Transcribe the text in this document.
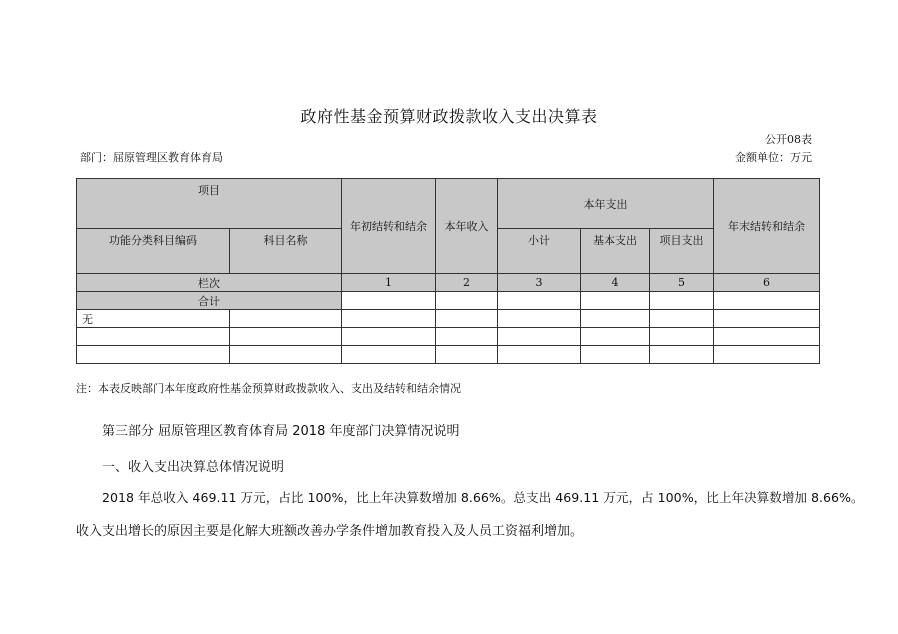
政府性基金预算财政拨款收入支出决算表
公开08表
部门：屈原管理区教育体育局	金额单位：万元
项目		年初结转和结余	本年收入	本年支出			年末结转和结余
功能分类科目编码	科目名称			小计	基本支出	项目支出	
栏次		1	2	3	4	5	6
合计							
无							

注：本表反映部门本年度政府性基金预算财政拨款收入、支出及结转和结余情况
第三部分 屈原管理区教育体育局 2018 年度部门决算情况说明
一、收入支出决算总体情况说明
2018 年总收入 469.11 万元，占比 100%，比上年决算数增加 8.66%。总支出 469.11 万元，占 100%，比上年决算数增加 8.66%。
收入支出增长的原因主要是化解大班额改善办学条件增加教育投入及人员工资福利增加。
